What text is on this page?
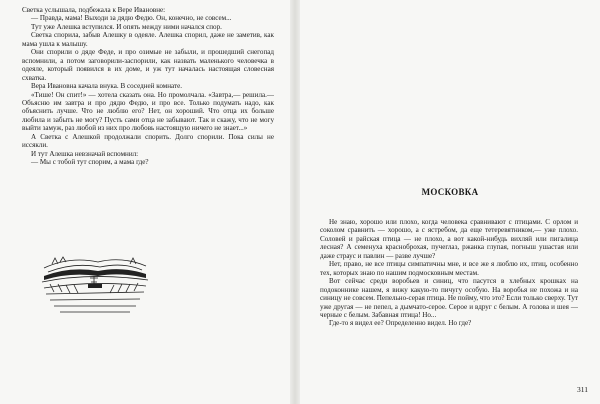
Светка услышала, подбежала к Вере Ивановне:

— Правда, мама! Выходи за дядю Федю. Он, конечно, не совсем...

Тут уже Алешка вступился. И опять между ними начался спор.

Светка спорила, забыв Алешку в одеяле. Алешка спорил, даже не заметив, как мама ушла к малышу.

Они спорили о дяде Феде, и про озимые не забыли, и прошедший снегопад вспомнили, а потом заговорили-заспорили, как назвать маленького человечка в одеяле, который появился в их доме, и уж тут началась настоящая словесная схватка.

Вера Ивановна качала внука. В соседней комнате.

«Тише! Он спит!» — хотела сказать она. Но промолчала. «Завтра,— решила.— Объясню им завтра и про дядю Федю, и про все. Только подумать надо, как объяснить лучше. Что не люблю его? Нет, он хороший. Что отца их больше любила и забыть не могу? Пусть сами отца не забывают. Так и скажу, что не могу выйти замуж, раз любой из них про любовь настоящую ничего не знает...»

А Светка с Алешкой продолжали спорить. Долго спорили. Пока силы не иссякли.

И тут Алешка невзначай вспомнил:

— Мы с тобой тут спорим, а мама где?

МОСКОВКА

Не знаю, хорошо или плохо, когда человека сравнивают с птицами. С орлом и соколом сравнить — хорошо, а с ястребом, да еще тетеревятником,— уже плохо. Соловей и райская птица — не плохо, а вот какой-нибудь вихляй или пигалица лесная? А семенуха красноброхая, пучеглаз, ржанка глупая, погныш ушастая или даже страус и павлин — разве лучше?

Нет, право, не все птицы симпатичны мне, и все же я люблю их, птиц, особенно тех, которых знаю по нашим подмосковным местам.

Вот сейчас среди воробьев и синиц, что пасутся в хлебных крошках на подоконнике нашем, я вижу какую-то пичугу особую. На воробья не похожа и на синицу не совсем. Пепельно-серая птица. Не пойму, что это? Если только сверху. Тут уже другая — не пепел, а дымчато-серое. Серое и вдруг с белым. А голова и шея — черные с белым. Забавная птица! Но...

Где-то я видел ее? Определенно видел. Но где?

311
